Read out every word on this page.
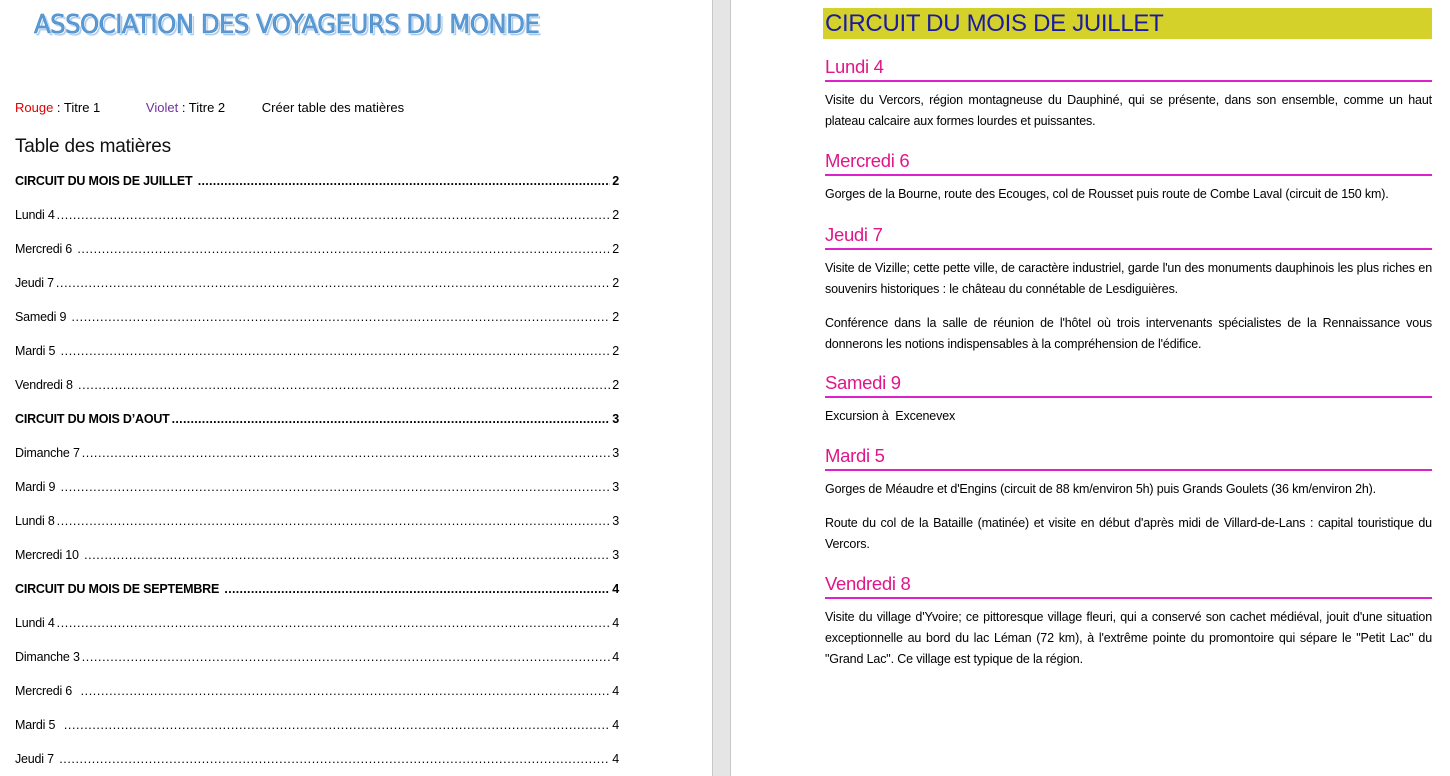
ASSOCIATION DES VOYAGEURS DU MONDE
Rouge : Titre 1	Violet : Titre 2	Créer table des matières
Table des matières
CIRCUIT DU MOIS DE JUILLET .....	2
Lundi 4 .....	2
Mercredi 6 .....	2
Jeudi 7 .....	2
Samedi 9 .....	2
Mardi 5 .....	2
Vendredi 8 .....	2
CIRCUIT DU MOIS D’AOUT .....	3
Dimanche 7 .....	3
Mardi 9 .....	3
Lundi 8 .....	3
Mercredi 10 .....	3
CIRCUIT DU MOIS DE SEPTEMBRE .....	4
Lundi 4 .....	4
Dimanche 3 .....	4
Mercredi 6 .....	4
Mardi 5 .....	4
Jeudi 7 .....	4
CIRCUIT DU MOIS DE JUILLET
Lundi 4

Visite du Vercors, région montagneuse du Dauphiné, qui se présente, dans son ensemble, comme un haut plateau calcaire aux formes lourdes et puissantes.

Mercredi 6

Gorges de la Bourne, route des Ecouges, col de Rousset puis route de Combe Laval (circuit de 150 km).

Jeudi 7

Visite de Vizille; cette pette ville, de caractère industriel, garde l'un des monuments dauphinois les plus riches en souvenirs historiques : le château du connétable de Lesdiguières.

Conférence dans la salle de réunion de l'hôtel où trois intervenants spécialistes de la Rennaissance vous donnerons les notions indispensables à la compréhension de l'édifice.

Samedi 9

Excursion à  Excenevex

Mardi 5

Gorges de Méaudre et d'Engins (circuit de 88 km/environ 5h) puis Grands Goulets (36 km/environ 2h).

Route du col de la Bataille (matinée) et visite en début d'après midi de Villard-de-Lans : capital touristique du Vercors.

Vendredi 8

Visite du village d'Yvoire; ce pittoresque village fleuri, qui a conservé son cachet médiéval, jouit d'une situation exceptionnelle au bord du lac Léman (72 km), à l'extrême pointe du promontoire qui sépare le "Petit Lac" du "Grand Lac". Ce village est typique de la région.
